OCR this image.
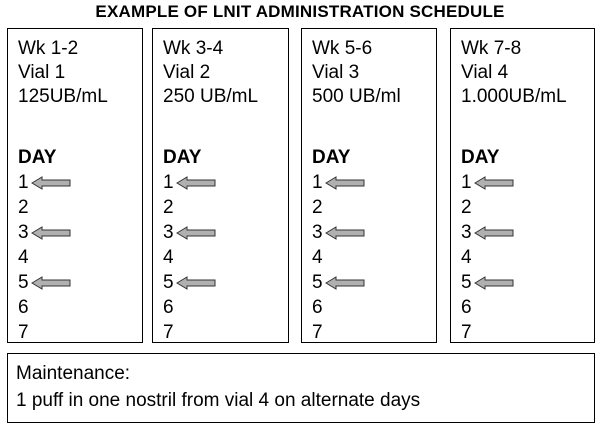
EXAMPLE OF LNIT ADMINISTRATION SCHEDULE
Wk 1-2
Vial 1
125UB/mL
DAY
1
2
3
4
5
6
7
Wk 3-4
Vial 2
250 UB/mL
DAY
1
2
3
4
5
6
7
Wk 5-6
Vial 3
500 UB/ml
DAY
1
2
3
4
5
6
7
Wk 7-8
Vial 4
1.000UB/mL
DAY
1
2
3
4
5
6
7
Maintenance:
1 puff in one nostril from vial 4 on alternate days
